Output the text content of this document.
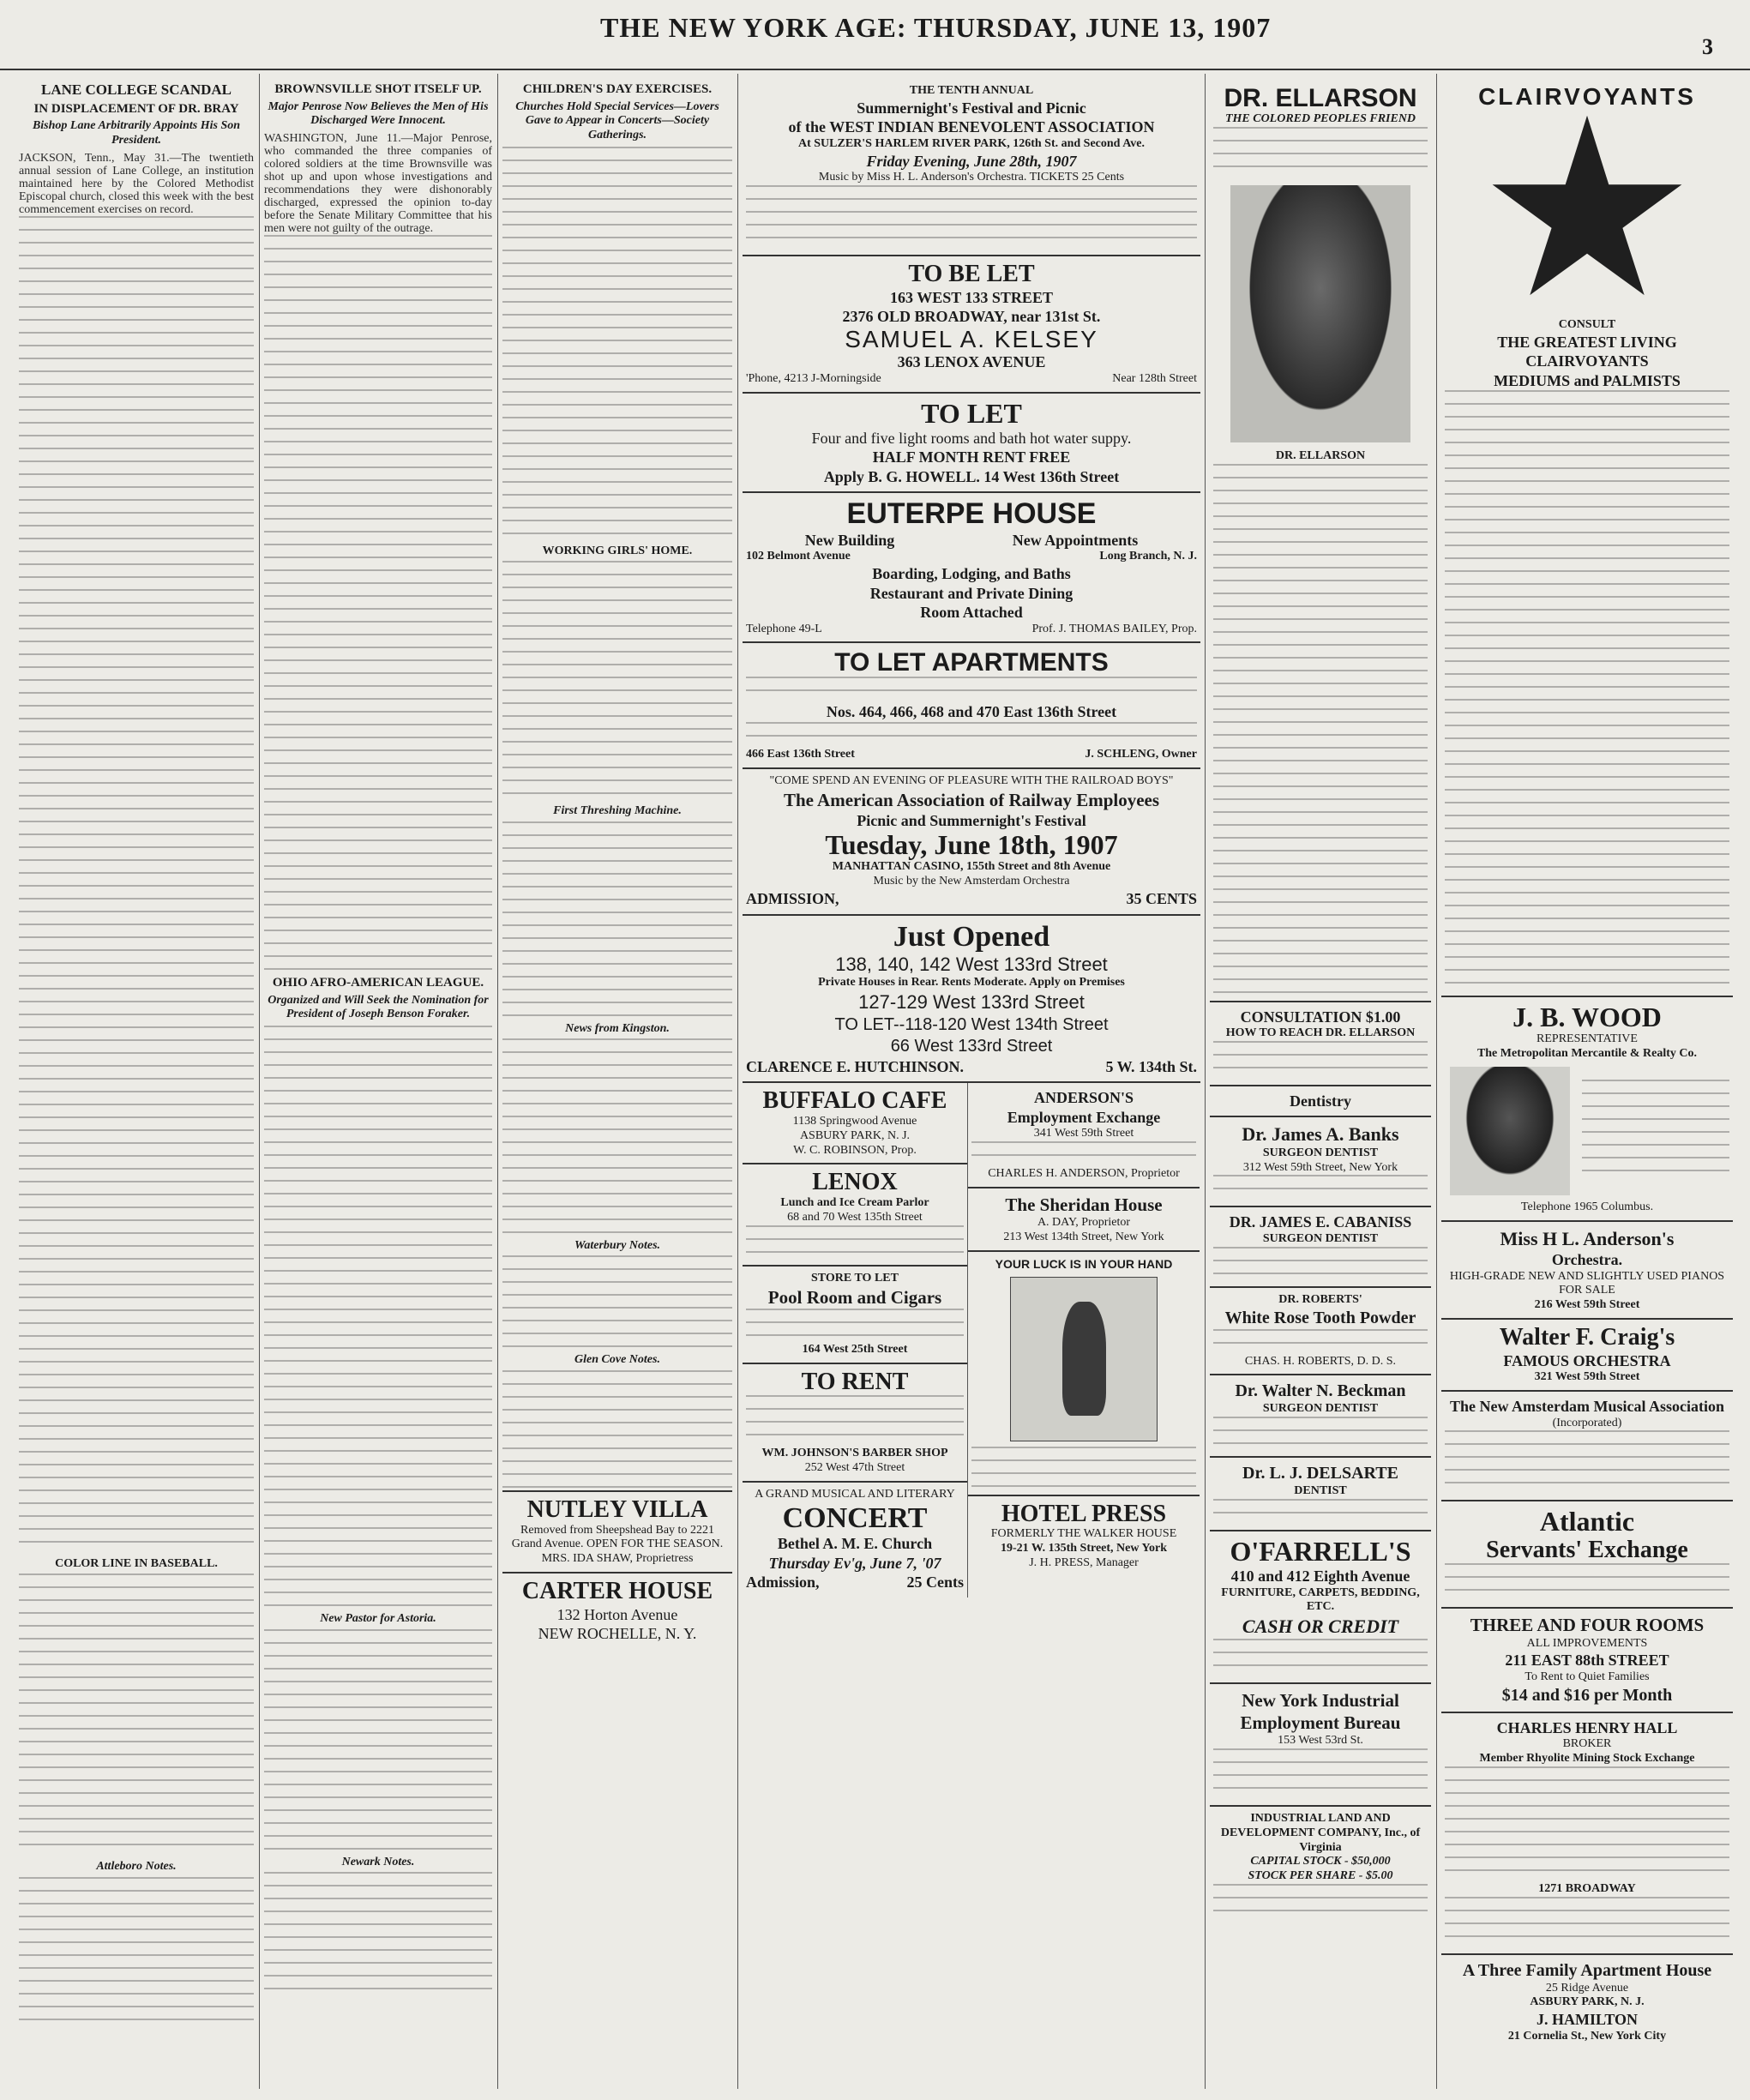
THE NEW YORK AGE: THURSDAY, JUNE 13, 1907
3
LANE COLLEGE SCANDAL
IN DISPLACEMENT OF DR. BRAY
Bishop Lane Arbitrarily Appoints His Son President.
JACKSON, Tenn., May 31.—The twentieth annual session of Lane College, an institution maintained here by the Colored Methodist Episcopal church, closed this week with the best commencement exercises on record.
COLOR LINE IN BASEBALL.
Attleboro Notes.
BROWNSVILLE SHOT ITSELF UP.
Major Penrose Now Believes the Men of His Discharged Were Innocent.
WASHINGTON, June 11.—Major Penrose, who commanded the three companies of colored soldiers at the time Brownsville was shot up and upon whose investigations and recommendations they were dishonorably discharged, expressed the opinion to-day before the Senate Military Committee that his men were not guilty of the outrage.
OHIO AFRO-AMERICAN LEAGUE.
Organized and Will Seek the Nomination for President of Joseph Benson Foraker.
New Pastor for Astoria.
Newark Notes.
CHILDREN'S DAY EXERCISES.
Churches Hold Special Services—Lovers Gave to Appear in Concerts—Society Gatherings.
WORKING GIRLS' HOME.
First Threshing Machine.
News from Kingston.
Waterbury Notes.
Glen Cove Notes.
NUTLEY VILLA
Removed from Sheepshead Bay to 2221 Grand Avenue. OPEN FOR THE SEASON.
MRS. IDA SHAW, Proprietress
CARTER HOUSE
132 Horton Avenue
NEW ROCHELLE, N. Y.
THE TENTH ANNUAL
Summernight's Festival and Picnic
of the WEST INDIAN BENEVOLENT ASSOCIATION
At SULZER'S HARLEM RIVER PARK, 126th St. and Second Ave.
Friday Evening, June 28th, 1907
Music by Miss H. L. Anderson's Orchestra. TICKETS 25 Cents
TO BE LET
163 WEST 133 STREET
2376 OLD BROADWAY, near 131st St.
SAMUEL A. KELSEY
363 LENOX AVENUE
'Phone, 4213 J-Morningside	Near 128th Street
TO LET
Four and five light rooms and bath hot water suppy.
HALF MONTH RENT FREE
Apply B. G. HOWELL. 14 West 136th Street
EUTERPE HOUSE
New Building	New Appointments
102 Belmont Avenue	Long Branch, N. J.
Boarding, Lodging, and Baths
Restaurant and Private Dining
Room Attached
Telephone 49-L	Prof. J. THOMAS BAILEY, Prop.
TO LET APARTMENTS
Nos. 464, 466, 468 and 470 East 136th Street
466 East 136th Street	J. SCHLENG, Owner
"COME SPEND AN EVENING OF PLEASURE WITH THE RAILROAD BOYS"
The American Association of Railway Employees
Picnic and Summernight's Festival
Tuesday, June 18th, 1907
MANHATTAN CASINO, 155th Street and 8th Avenue
Music by the New Amsterdam Orchestra
ADMISSION,	35 CENTS
Just Opened
138, 140, 142 West 133rd Street
Private Houses in Rear. Rents Moderate. Apply on Premises
127-129 West 133rd Street
TO LET--118-120 West 134th Street
66 West 133rd Street
CLARENCE E. HUTCHINSON.	5 W. 134th St.
BUFFALO CAFE
1138 Springwood Avenue
ASBURY PARK, N. J.
W. C. ROBINSON, Prop.
LENOX
Lunch and Ice Cream Parlor
68 and 70 West 135th Street
STORE TO LET
Pool Room and Cigars
164 West 25th Street
TO RENT
WM. JOHNSON'S BARBER SHOP
252 West 47th Street
A GRAND MUSICAL AND LITERARY
CONCERT
Bethel A. M. E. Church
Thursday Ev'g, June 7, '07
Admission,	25 Cents
ANDERSON'S
Employment Exchange
341 West 59th Street
CHARLES H. ANDERSON, Proprietor
The Sheridan House
A. DAY, Proprietor
213 West 134th Street, New York
YOUR LUCK IS IN YOUR HAND
HOTEL PRESS
FORMERLY THE WALKER HOUSE
19-21 W. 135th Street, New York
J. H. PRESS, Manager
DR. ELLARSON
THE COLORED PEOPLES FRIEND
DR. ELLARSON
CONSULTATION $1.00
HOW TO REACH DR. ELLARSON
Dentistry
Dr. James A. Banks
SURGEON DENTIST
312 West 59th Street, New York
DR. JAMES E. CABANISS
SURGEON DENTIST
DR. ROBERTS'
White Rose Tooth Powder
CHAS. H. ROBERTS, D. D. S.
Dr. Walter N. Beckman
SURGEON DENTIST
Dr. L. J. DELSARTE
DENTIST
O'FARRELL'S
410 and 412 Eighth Avenue
FURNITURE, CARPETS, BEDDING, ETC.
CASH OR CREDIT
New York Industrial
Employment Bureau
153 West 53rd St.
INDUSTRIAL LAND AND DEVELOPMENT COMPANY, Inc., of Virginia
CAPITAL STOCK - $50,000
STOCK PER SHARE - $5.00
CLAIRVOYANTS
CONSULT
THE GREATEST LIVING
CLAIRVOYANTS
MEDIUMS and PALMISTS
J. B. WOOD
REPRESENTATIVE
The Metropolitan Mercantile & Realty Co.
Telephone 1965 Columbus.
Miss H L. Anderson's
Orchestra.
HIGH-GRADE NEW AND SLIGHTLY USED PIANOS FOR SALE
216 West 59th Street
Walter F. Craig's
FAMOUS ORCHESTRA
321 West 59th Street
The New Amsterdam Musical Association
(Incorporated)
Atlantic
Servants' Exchange
THREE AND FOUR ROOMS
ALL IMPROVEMENTS
211 EAST 88th STREET
To Rent to Quiet Families
$14 and $16 per Month
CHARLES HENRY HALL
BROKER
Member Rhyolite Mining Stock Exchange
1271 BROADWAY
A Three Family Apartment House
25 Ridge Avenue
ASBURY PARK, N. J.
J. HAMILTON
21 Cornelia St., New York City
